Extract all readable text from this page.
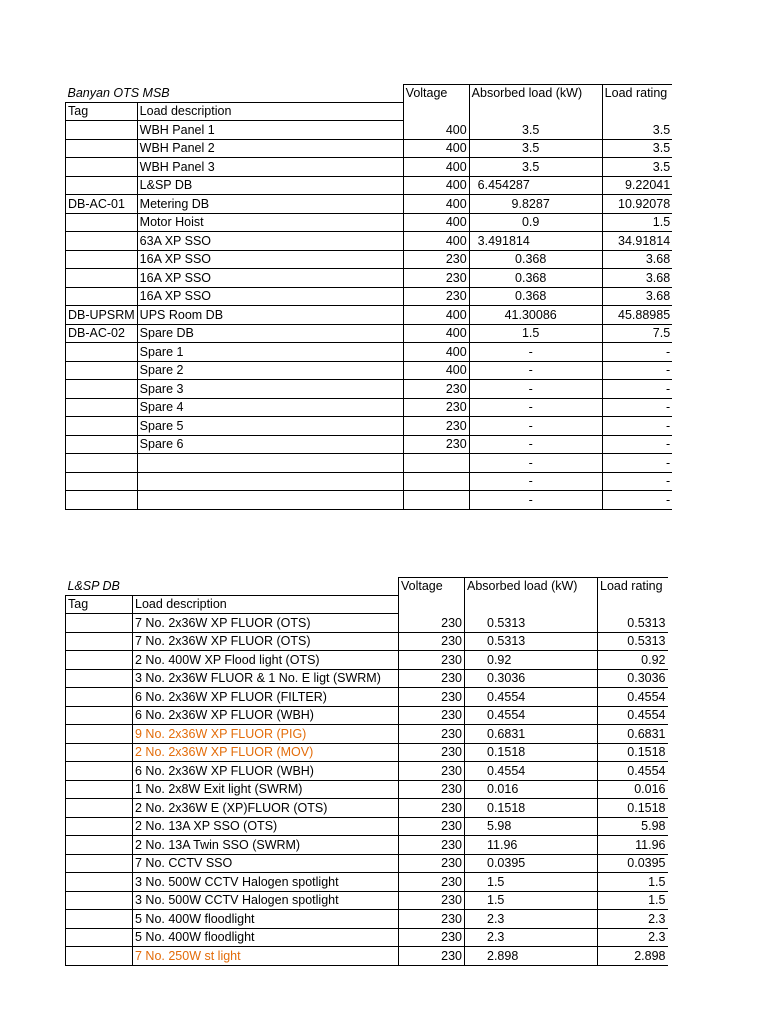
Banyan OTS MSB		Voltage	Absorbed load (kW)	Load rating
Tag	Load description			
	WBH Panel 1	400	3.5	3.5
	WBH Panel 2	400	3.5	3.5
	WBH Panel 3	400	3.5	3.5
	L&SP DB	400	6.454287	9.22041
DB-AC-01	Metering DB	400	9.8287	10.92078
	Motor Hoist	400	0.9	1.5
	63A XP SSO	400	3.491814	34.91814
	16A XP SSO	230	0.368	3.68
	16A XP SSO	230	0.368	3.68
	16A XP SSO	230	0.368	3.68
DB-UPSRM	UPS Room DB	400	41.30086	45.88985
DB-AC-02	Spare DB	400	1.5	7.5
	Spare 1	400	-	-
	Spare 2	400	-	-
	Spare 3	230	-	-
	Spare 4	230	-	-
	Spare 5	230	-	-
	Spare 6	230	-	-
			-	-
			-	-
			-	-
L&SP DB		Voltage	Absorbed load (kW)	Load rating
Tag	Load description			
	7 No. 2x36W XP FLUOR (OTS)	230	0.5313	0.5313
	7 No. 2x36W XP FLUOR (OTS)	230	0.5313	0.5313
	2 No. 400W XP Flood light (OTS)	230	0.92	0.92
	3 No. 2x36W FLUOR & 1 No. E ligt (SWRM)	230	0.3036	0.3036
	6 No. 2x36W XP FLUOR (FILTER)	230	0.4554	0.4554
	6 No. 2x36W XP FLUOR (WBH)	230	0.4554	0.4554
	9 No. 2x36W XP FLUOR (PIG)	230	0.6831	0.6831
	2 No. 2x36W XP FLUOR (MOV)	230	0.1518	0.1518
	6 No. 2x36W XP FLUOR (WBH)	230	0.4554	0.4554
	1 No. 2x8W Exit light (SWRM)	230	0.016	0.016
	2 No. 2x36W E (XP)FLUOR (OTS)	230	0.1518	0.1518
	2 No. 13A XP SSO (OTS)	230	5.98	5.98
	2 No. 13A Twin SSO (SWRM)	230	11.96	11.96
	7 No. CCTV SSO	230	0.0395	0.0395
	3 No. 500W CCTV Halogen spotlight	230	1.5	1.5
	3 No. 500W CCTV Halogen spotlight	230	1.5	1.5
	5 No. 400W floodlight	230	2.3	2.3
	5 No. 400W floodlight	230	2.3	2.3
	7 No. 250W st light	230	2.898	2.898
